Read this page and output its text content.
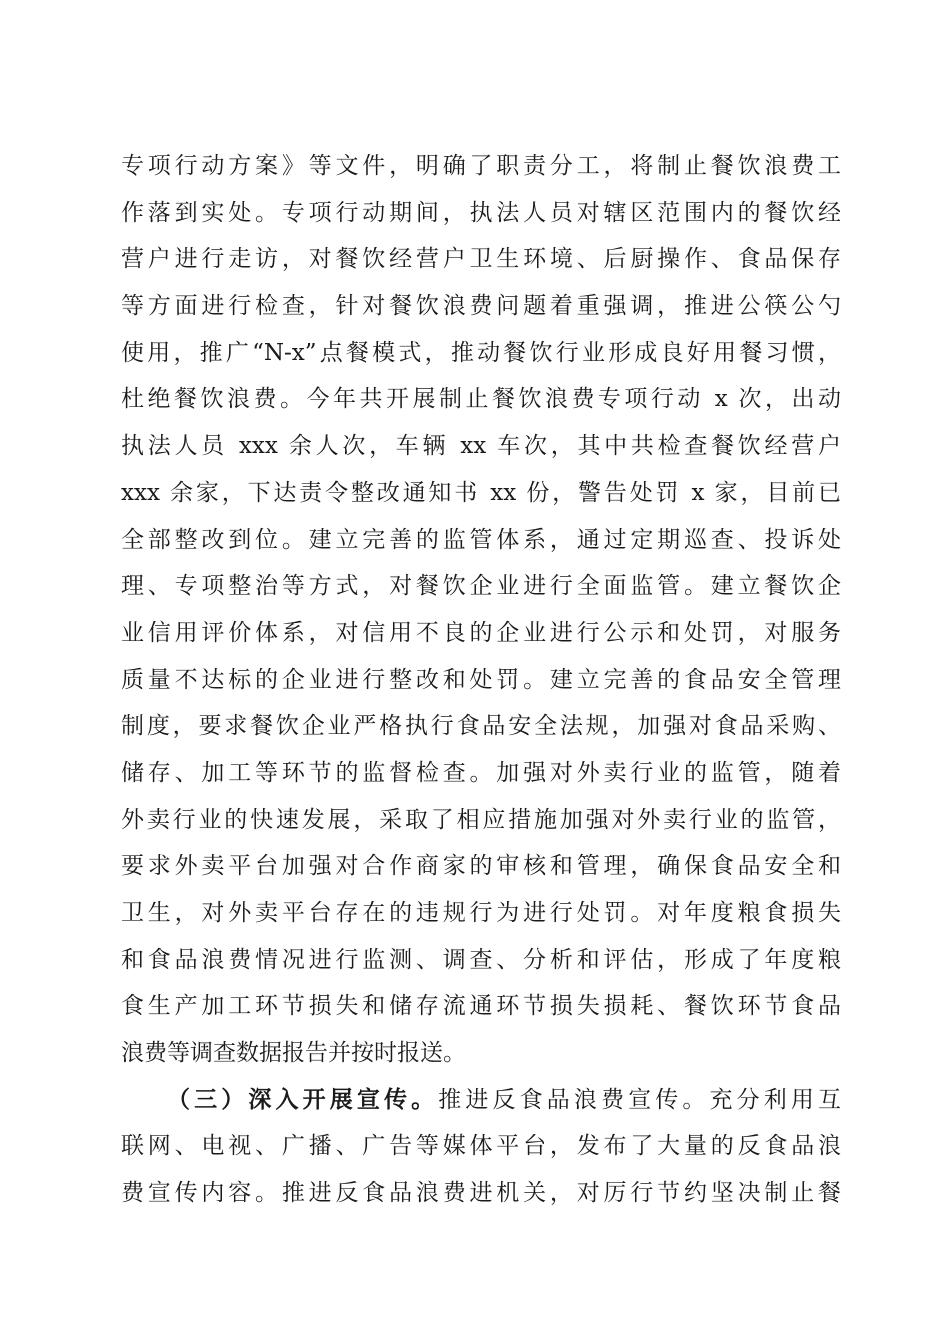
专项行动方案》等文件，明确了职责分工，将制止餐饮浪费工
作落到实处。专项行动期间，执法人员对辖区范围内的餐饮经
营户进行走访，对餐饮经营户卫生环境、后厨操作、食品保存
等方面进行检查，针对餐饮浪费问题着重强调，推进公筷公勺
使用，推广“N-x”点餐模式，推动餐饮行业形成良好用餐习惯，
杜绝餐饮浪费。今年共开展制止餐饮浪费专项行动 x 次，出动
执法人员 xxx 余人次，车辆 xx 车次，其中共检查餐饮经营户
xxx 余家，下达责令整改通知书 xx 份，警告处罚 x 家，目前已
全部整改到位。建立完善的监管体系，通过定期巡查、投诉处
理、专项整治等方式，对餐饮企业进行全面监管。建立餐饮企
业信用评价体系，对信用不良的企业进行公示和处罚，对服务
质量不达标的企业进行整改和处罚。建立完善的食品安全管理
制度，要求餐饮企业严格执行食品安全法规，加强对食品采购、
储存、加工等环节的监督检查。加强对外卖行业的监管，随着
外卖行业的快速发展，采取了相应措施加强对外卖行业的监管，
要求外卖平台加强对合作商家的审核和管理，确保食品安全和
卫生，对外卖平台存在的违规行为进行处罚。对年度粮食损失
和食品浪费情况进行监测、调查、分析和评估，形成了年度粮
食生产加工环节损失和储存流通环节损失损耗、餐饮环节食品
浪费等调查数据报告并按时报送。
（三）深入开展宣传。推进反食品浪费宣传。充分利用互
联网、电视、广播、广告等媒体平台，发布了大量的反食品浪
费宣传内容。推进反食品浪费进机关，对厉行节约坚决制止餐
